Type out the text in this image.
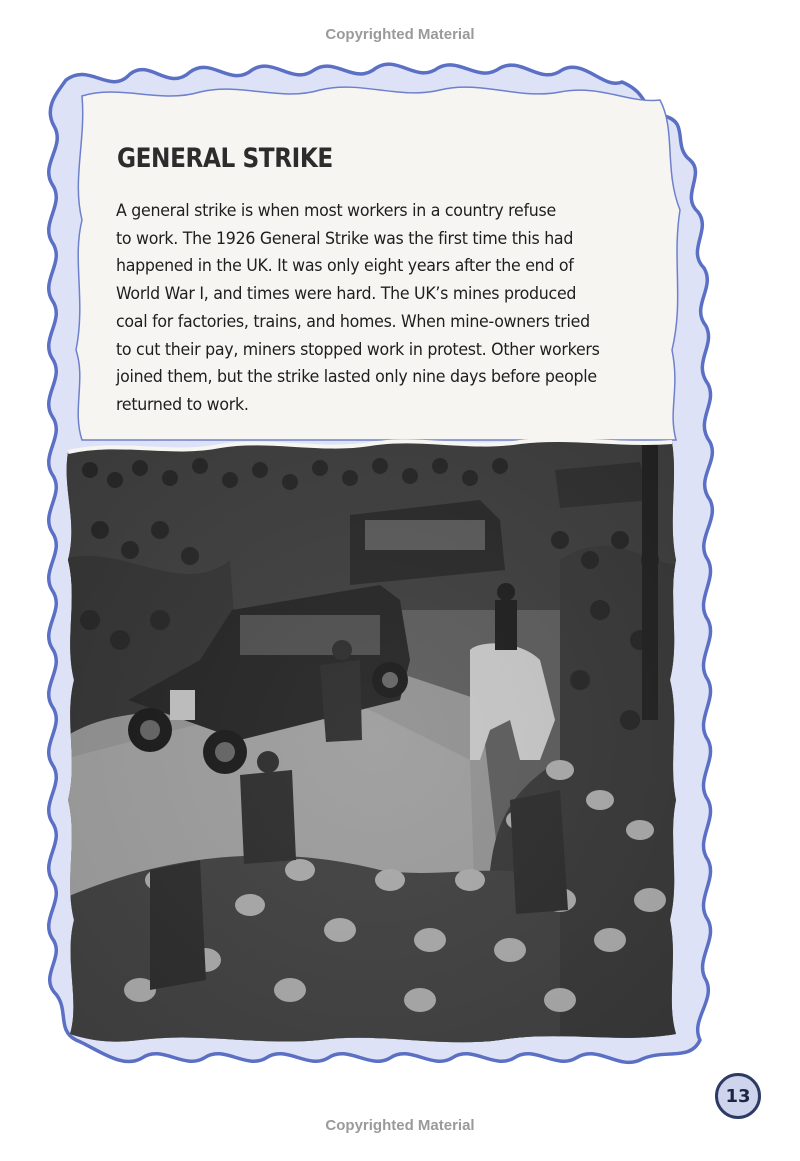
Copyrighted Material
GENERAL STRIKE
A general strike is when most workers in a country refuse
to work. The 1926 General Strike was the first time this had
happened in the UK. It was only eight years after the end of
World War I, and times were hard. The UK’s mines produced
coal for factories, trains, and homes. When mine-owners tried
to cut their pay, miners stopped work in protest. Other workers
joined them, but the strike lasted only nine days before people
returned to work.
13
Copyrighted Material
